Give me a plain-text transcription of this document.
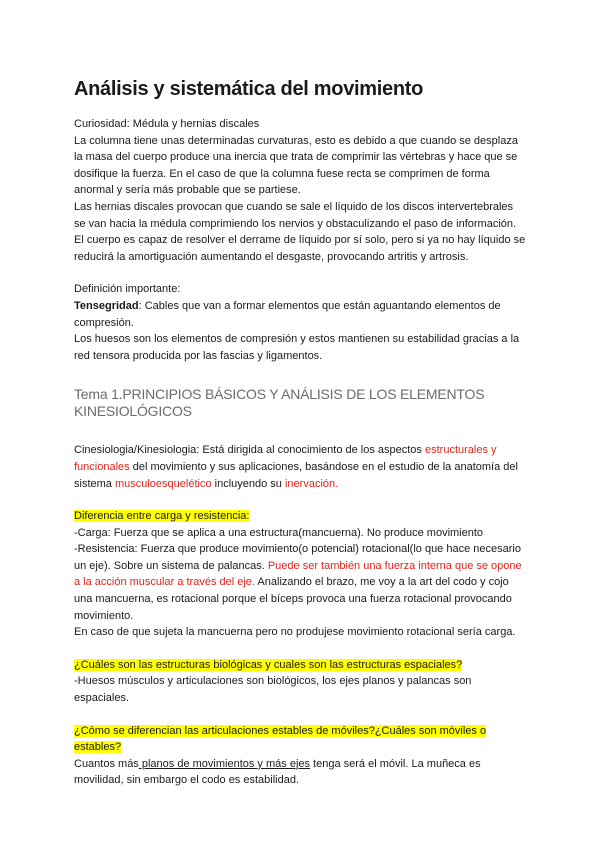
Análisis y sistemática del movimiento

Curiosidad: Médula y hernias discales

La columna tiene unas determinadas curvaturas, esto es debido a que cuando se desplaza la masa del cuerpo produce una inercia que trata de comprimir las vértebras y hace que se dosifique la fuerza. En el caso de que la columna fuese recta se comprimen de forma anormal y sería más probable que se partiese.

Las hernias discales provocan que cuando se sale el líquido de los discos intervertebrales se van hacia la médula comprimiendo los nervios y obstaculizando el paso de información.

El cuerpo es capaz de resolver el derrame de líquido por sí solo, pero si ya no hay líquido se reducirá la amortiguación aumentando el desgaste, provocando artritis y artrosis.

Definición importante:

Tensegridad: Cables que van a formar elementos que están aguantando elementos de compresión.

Los huesos son los elementos de compresión y estos mantienen su estabilidad gracias a la red tensora producida por las fascias y ligamentos.

Tema 1.PRINCIPIOS BÁSICOS Y ANÁLISIS DE LOS ELEMENTOS KINESIOLÓGICOS

Cinesiologia/Kinesiologia: Está dirigida al conocimiento de los aspectos estructurales y funcionales del movimiento y sus aplicaciones, basándose en el estudio de la anatomía del sistema musculoesquelético incluyendo su inervación.

Diferencia entre carga y resistencia:

-Carga: Fuerza que se aplica a una estructura(mancuerna). No produce movimiento

-Resistencia: Fuerza que produce movimiento(o potencial) rotacional(lo que hace necesario un eje). Sobre un sistema de palancas. Puede ser también una fuerza interna que se opone a la acción muscular a través del eje. Analizando el brazo, me voy a la art del codo y cojo una mancuerna, es rotacional porque el bíceps provoca una fuerza rotacional provocando movimiento.

En caso de que sujeta la mancuerna pero no produjese movimiento rotacional sería carga.

¿Cuáles son las estructuras biológicas y cuales son las estructuras espaciales?

-Huesos músculos y articulaciones son biológicos, los ejes planos y palancas son espaciales.

¿Cómo se diferencian las articulaciones estables de móviles?¿Cuáles son móviles o estables?

Cuantos más planos de movimientos y más ejes tenga será el móvil. La muñeca es movilidad, sin embargo el codo es estabilidad.
